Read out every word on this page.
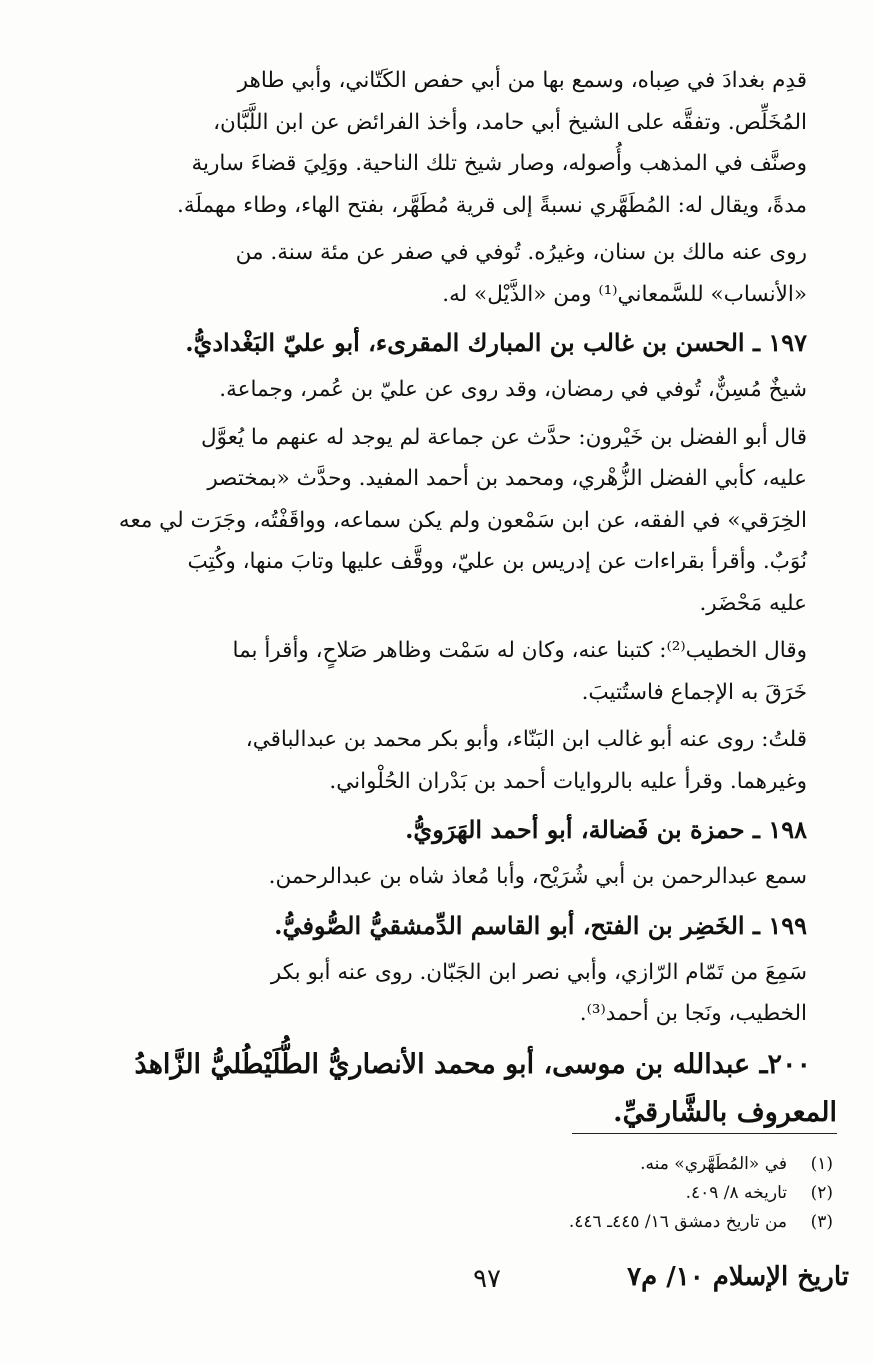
قدِم بغدادَ في صِباه، وسمع بها من أبي حفص الكَتّاني، وأبي طاهر

المُخَلِّص. وتفقَّه على الشيخ أبي حامد، وأخذ الفرائض عن ابن اللَّبَّان،

وصنَّف في المذهب وأُصوله، وصار شيخ تلك الناحية. ووَلِيَ قضاءَ سارية

مدةً، ويقال له: المُطَهَّري نسبةً إلى قرية مُطَهَّر، بفتح الهاء، وطاء مهملَة.

روى عنه مالك بن سنان، وغيرُه. تُوفي في صفر عن مئة سنة. من

«الأنساب» للسَّمعاني⁽¹⁾ ومن «الذَّيْل» له.

١٩٧ ـ الحسن بن غالب بن المبارك المقرىء، أبو عليّ البَغْداديُّ.

شيخٌ مُسِنٌّ، تُوفي في رمضان، وقد روى عن عليّ بن عُمر، وجماعة.

قال أبو الفضل بن خَيْرون: حدَّث عن جماعة لم يوجد له عنهم ما يُعوَّل

عليه، كأبي الفضل الزُّهْري، ومحمد بن أحمد المفيد. وحدَّث «بمختصر

الخِرَقي» في الفقه، عن ابن سَمْعون ولم يكن سماعه، وواقَفْتُه، وجَرَت لي معه

نُوَبٌ. وأقرأ بقراءات عن إدريس بن عليّ، ووقَّف عليها وتابَ منها، وكُتِبَ

عليه مَحْضَر.

وقال الخطيب⁽²⁾: كتبنا عنه، وكان له سَمْت وظاهر صَلاحٍ، وأقرأ بما

خَرَقَ به الإجماع فاستُتيبَ.

قلتُ: روى عنه أبو غالب ابن البَنّاء، وأبو بكر محمد بن عبدالباقي،

وغيرهما. وقرأ عليه بالروايات أحمد بن بَدْران الحُلْواني.

١٩٨ ـ حمزة بن فَضالة، أبو أحمد الهَرَويُّ.

سمع عبدالرحمن بن أبي شُرَيْح، وأبا مُعاذ شاه بن عبدالرحمن.

١٩٩ ـ الخَضِر بن الفتح، أبو القاسم الدِّمشقيُّ الصُّوفيُّ.

سَمِعَ من تَمّام الرّازي، وأبي نصر ابن الجَبّان. روى عنه أبو بكر

الخطيب، ونَجا بن أحمد⁽³⁾.

٢٠٠ـ عبدالله بن موسى، أبو محمد الأنصاريُّ الطُّلَيْطُليُّ الزَّاهدُ
المعروف بالشَّارقيِّ.
(١)
في «المُطَهَّري» منه.
(٢)
تاريخه ٨/ ٤٠٩.
(٣)
من تاريخ دمشق ١٦/ ٤٤٥ـ ٤٤٦.
تاريخ الإسلام ١٠/ م٧
٩٧
